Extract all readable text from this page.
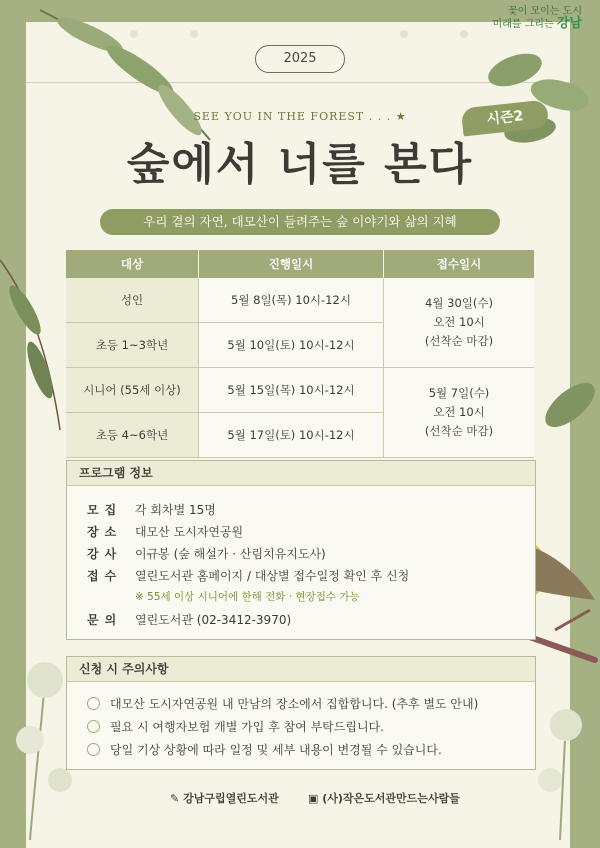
꽃이 모이는 도시
미래를 그리는 강남
2025
SEE YOU IN THE FOREST . . . ★
숲에서 너를 본다
시즌2
우리 곁의 자연, 대모산이 들려주는 숲 이야기와 삶의 지혜
대상	진행일시	접수일시
성인	5월 8일(목) 10시-12시	4월 30일(수)
오전 10시
(선착순 마감)

초등 1~3학년	5월 10일(토) 10시-12시	
시니어 (55세 이상)	5월 15일(목) 10시-12시	5월 7일(수)
오전 10시
(선착순 마감)

초등 4~6학년	5월 17일(토) 10시-12시	
프로그램 정보
모집 각 회차별 15명
장소 대모산 도시자연공원
강사 이규봉 (숲 해설가 · 산림치유지도사)
접수 열린도서관 홈페이지 / 대상별 접수일정 확인 후 신청
※ 55세 이상 시니어에 한해 전화 · 현장접수 가능
문의 열린도서관 (02-3412-3970)
신청 시 주의사항
대모산 도시자연공원 내 만남의 장소에서 집합합니다. (추후 별도 안내)
필요 시 여행자보험 개별 가입 후 참여 부탁드립니다.
당일 기상 상황에 따라 일정 및 세부 내용이 변경될 수 있습니다.
✎ 강남구립열린도서관	▣ (사)작은도서관만드는사람들
